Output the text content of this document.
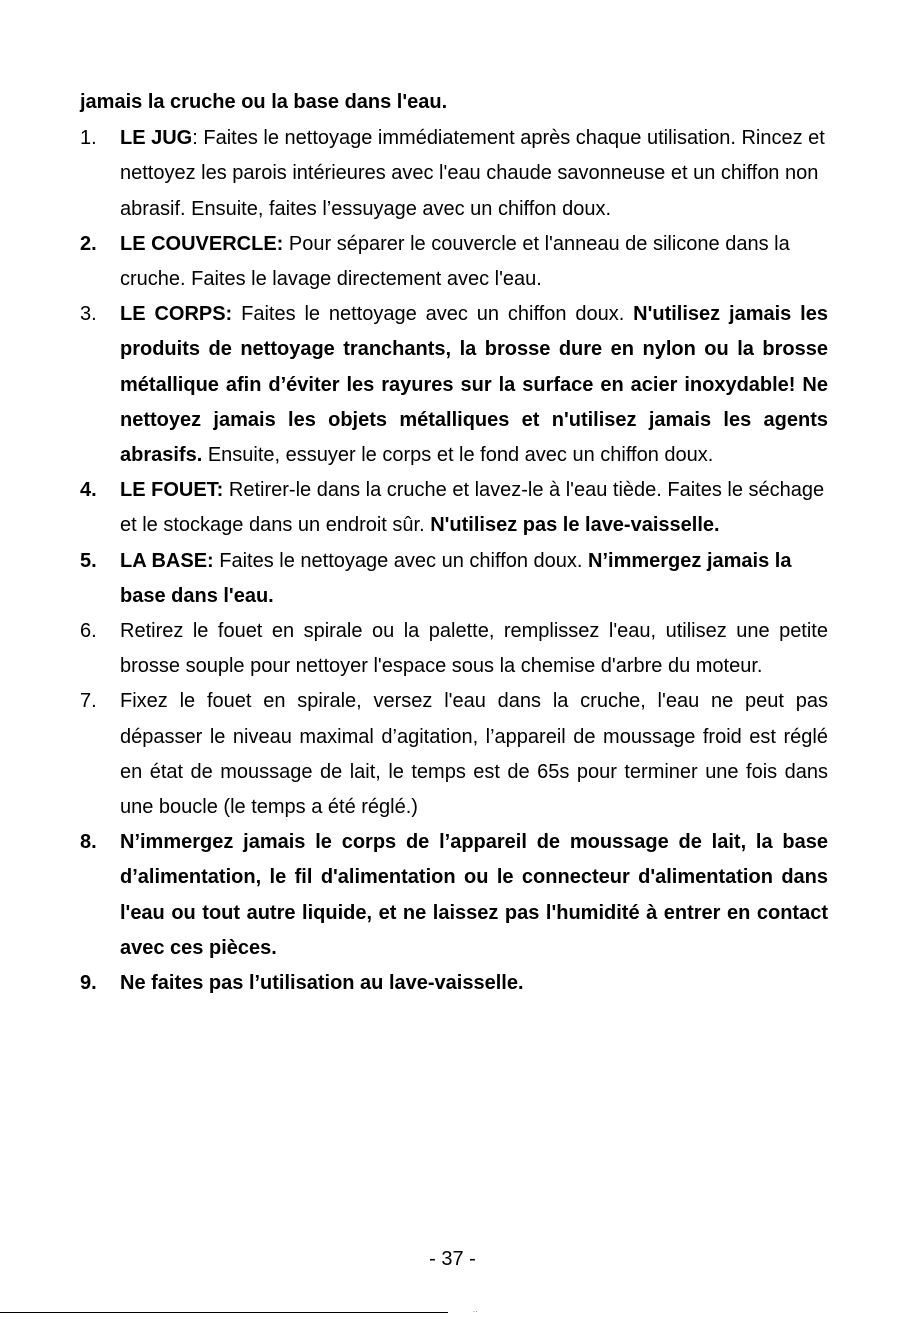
jamais la cruche ou la base dans l'eau.
1.	LE JUG: Faites le nettoyage immédiatement après chaque utilisation. Rincez et nettoyez les parois intérieures avec l'eau chaude savonneuse et un chiffon non abrasif. Ensuite, faites l’essuyage avec un chiffon doux.
2.	LE COUVERCLE: Pour séparer le couvercle et l'anneau de silicone dans la cruche. Faites le lavage directement avec l'eau.
3.	LE CORPS: Faites le nettoyage avec un chiffon doux. N'utilisez jamais les produits de nettoyage tranchants, la brosse dure en nylon ou la brosse métallique afin d’éviter les rayures sur la surface en acier inoxydable! Ne nettoyez jamais les objets métalliques et n'utilisez jamais les agents abrasifs. Ensuite, essuyer le corps et le fond avec un chiffon doux.
4.	LE FOUET: Retirer-le dans la cruche et lavez-le à l'eau tiède. Faites le séchage et le stockage dans un endroit sûr. N'utilisez pas le lave-vaisselle.
5.	LA BASE: Faites le nettoyage avec un chiffon doux. N’immergez jamais la base dans l'eau.
6.	Retirez le fouet en spirale ou la palette, remplissez l'eau, utilisez une petite brosse souple pour nettoyer l'espace sous la chemise d'arbre du moteur.
7.	Fixez le fouet en spirale, versez l'eau dans la cruche, l'eau ne peut pas dépasser le niveau maximal d’agitation, l’appareil de moussage froid est réglé en état de moussage de lait, le temps est de 65s pour terminer une fois dans une boucle (le temps a été réglé.)
8.	N’immergez jamais le corps de l’appareil de moussage de lait, la base d’alimentation, le fil d'alimentation ou le connecteur d'alimentation dans l'eau ou tout autre liquide, et ne laissez pas l'humidité à entrer en contact avec ces pièces.
9.	Ne faites pas l’utilisation au lave-vaisselle.
- 37 -
˙˙
